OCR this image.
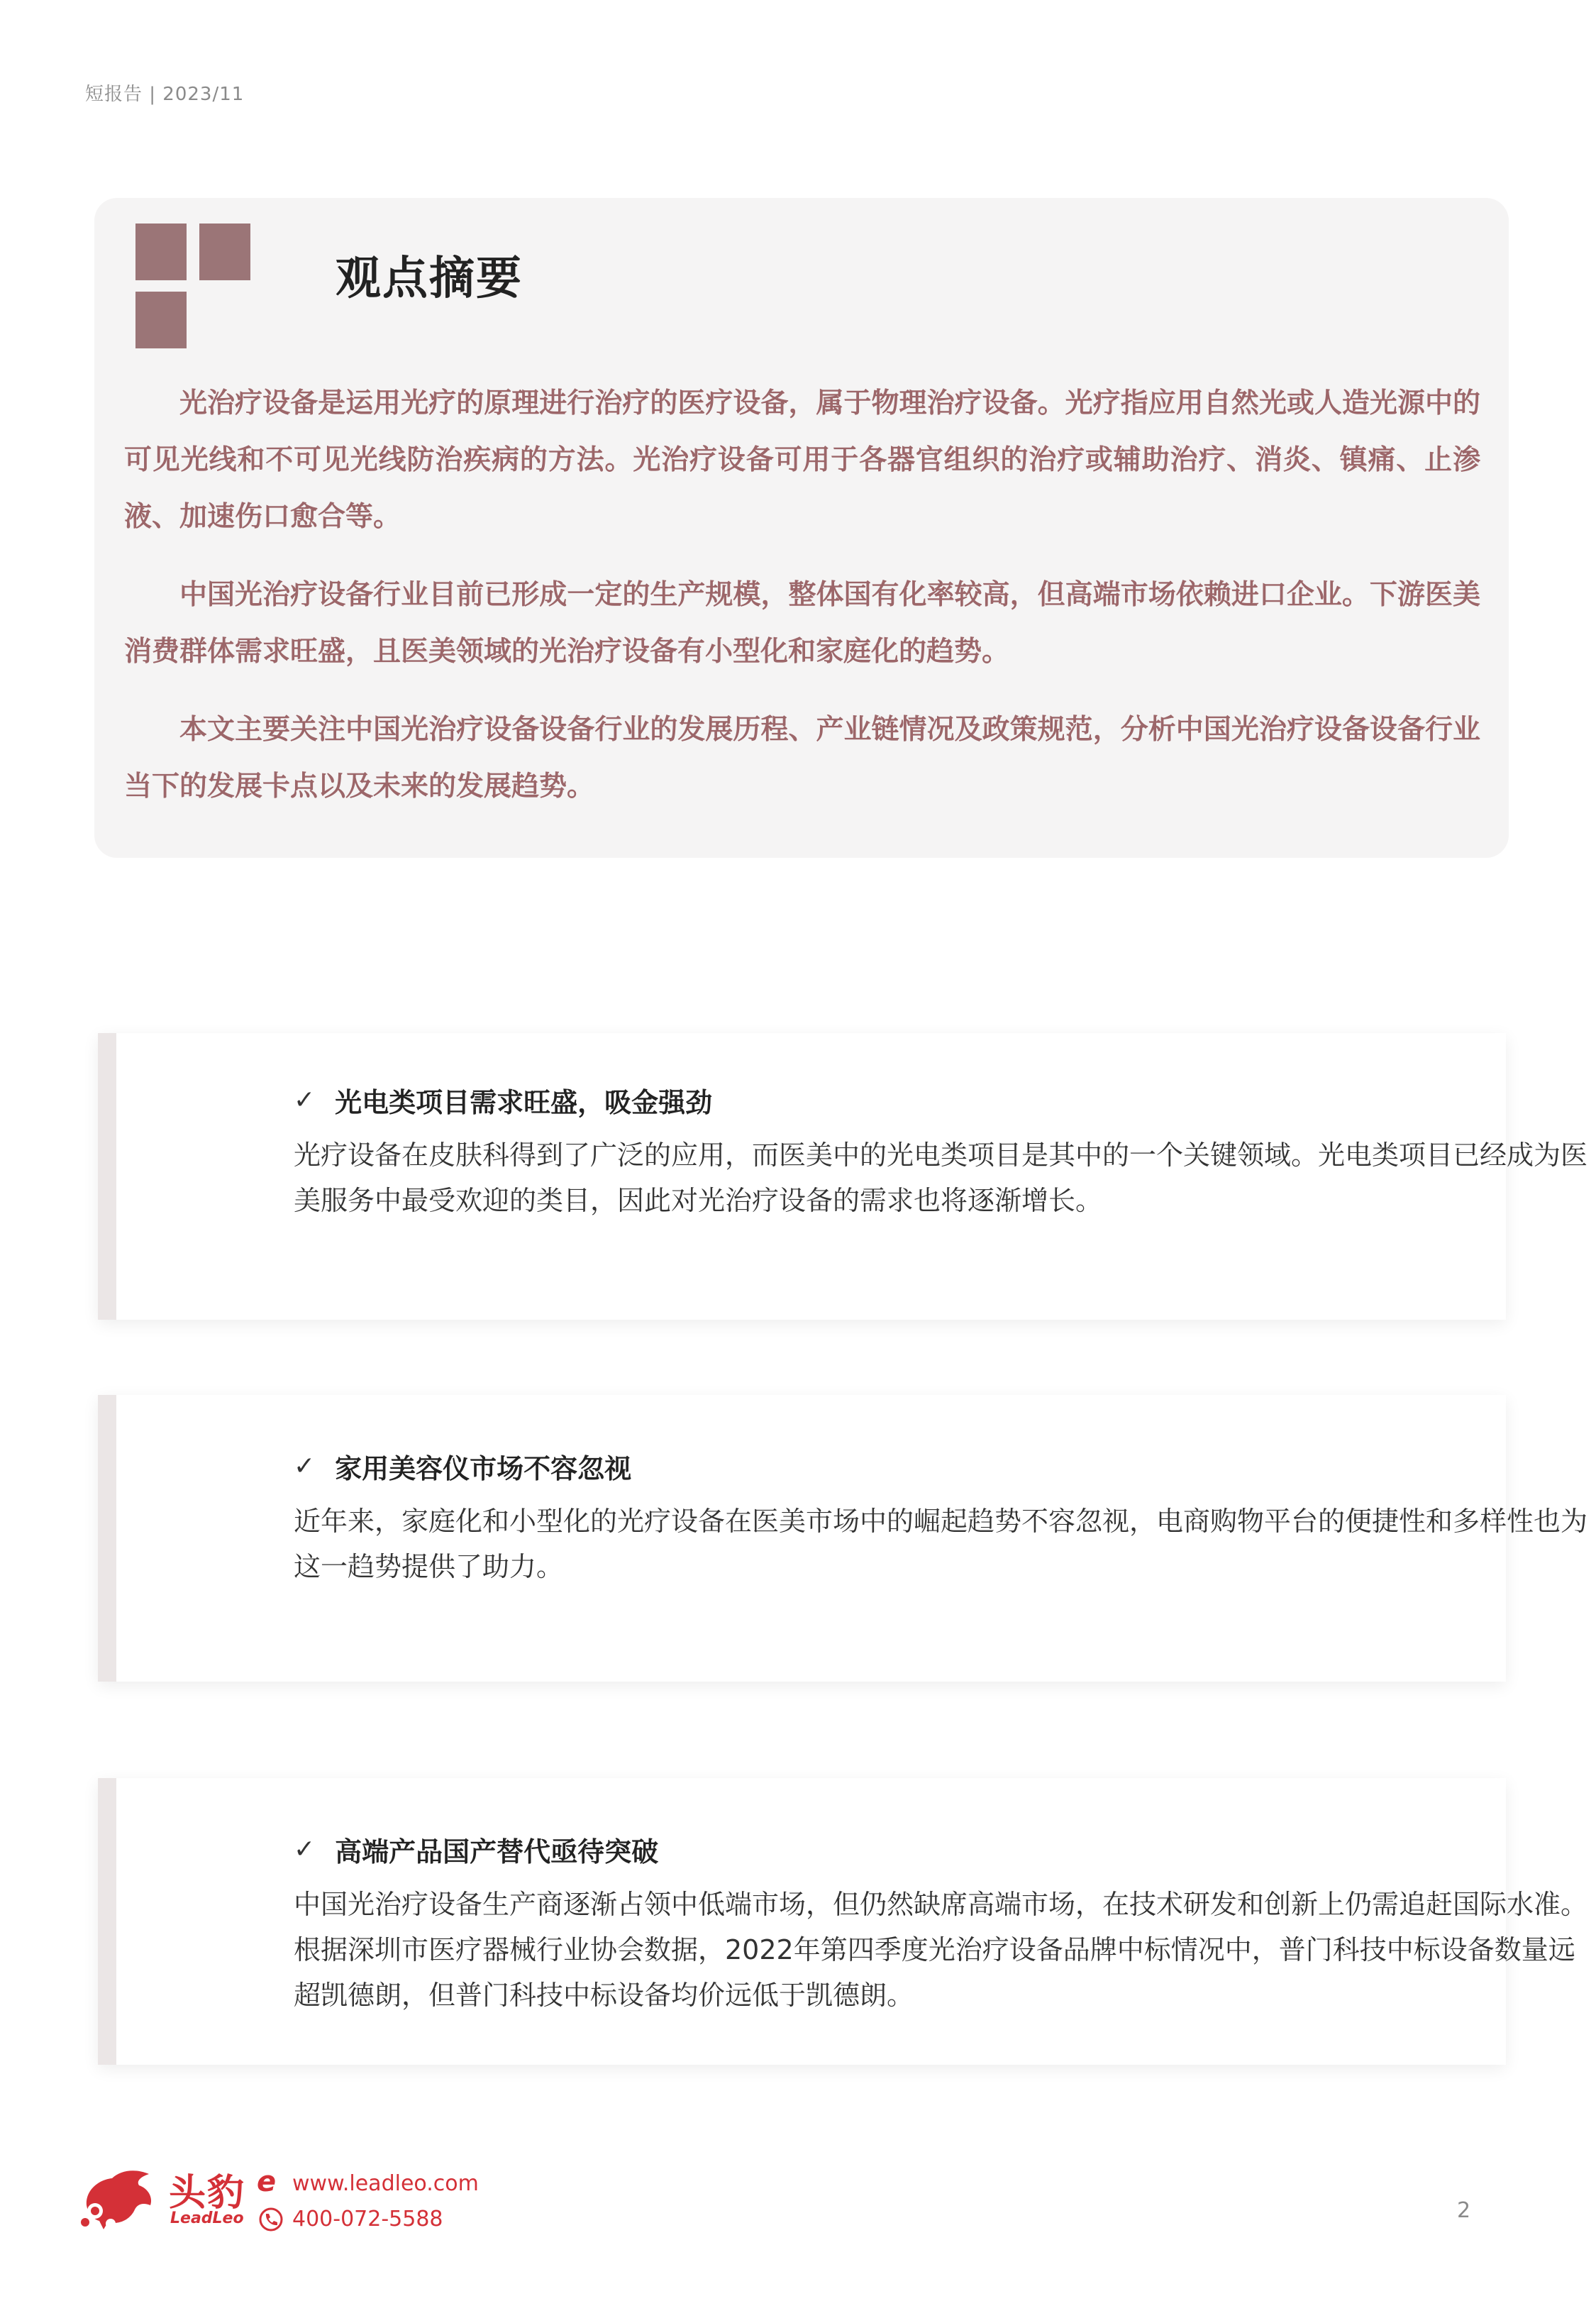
短报告 | 2023/11
观点摘要

光治疗设备是运用光疗的原理进行治疗的医疗设备，属于物理治疗设备。光疗指应用自然光或人造光源中的可见光线和不可见光线防治疾病的方法。光治疗设备可用于各器官组织的治疗或辅助治疗、消炎、镇痛、止渗液、加速伤口愈合等。

中国光治疗设备行业目前已形成一定的生产规模，整体国有化率较高，但高端市场依赖进口企业。下游医美消费群体需求旺盛，且医美领域的光治疗设备有小型化和家庭化的趋势。

本文主要关注中国光治疗设备设备行业的发展历程、产业链情况及政策规范，分析中国光治疗设备设备行业当下的发展卡点以及未来的发展趋势。

✓ 光电类项目需求旺盛，吸金强劲

光疗设备在皮肤科得到了广泛的应用，而医美中的光电类项目是其中的一个关键领域。光电类项目已经成为医美服务中最受欢迎的类目，因此对光治疗设备的需求也将逐渐增长。

✓ 家用美容仪市场不容忽视

近年来，家庭化和小型化的光疗设备在医美市场中的崛起趋势不容忽视，电商购物平台的便捷性和多样性也为这一趋势提供了助力。

✓ 高端产品国产替代亟待突破

中国光治疗设备生产商逐渐占领中低端市场，但仍然缺席高端市场，在技术研发和创新上仍需追赶国际水准。根据深圳市医疗器械行业协会数据，2022年第四季度光治疗设备品牌中标情况中，普门科技中标设备数量远超凯德朗，但普门科技中标设备均价远低于凯德朗。

头豹
LeadLeo
e www.leadleo.com
400-072-5588	2
